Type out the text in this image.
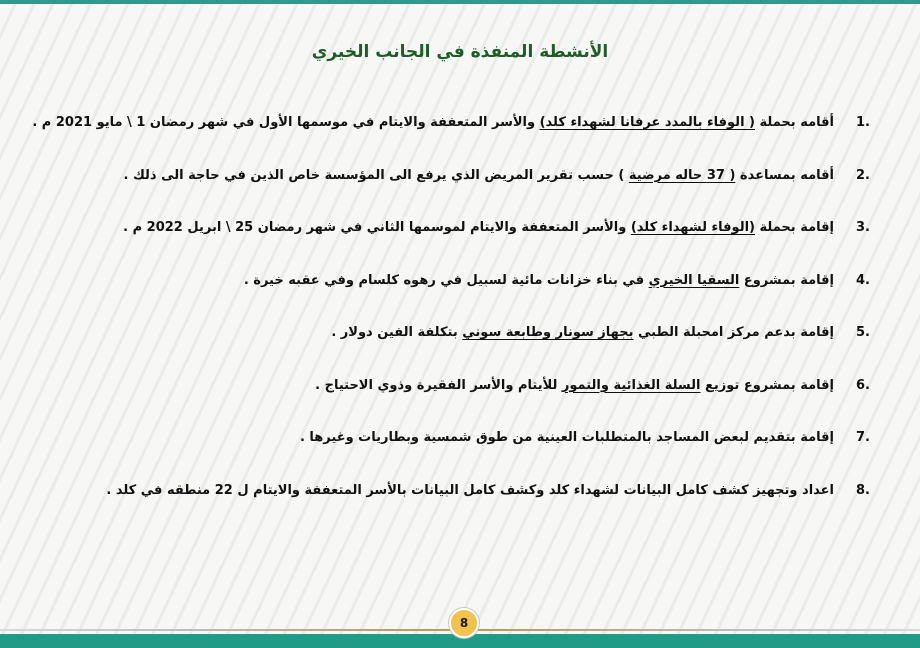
الأنشطة المنفذة في الجانب الخيري
1.
أقامه بحملة ( الوفاء بالمدد عرفانا لشهداء كلد) والأسر المتعففة والايتام في موسمها الأول في شهر رمضان 1 \ مايو 2021 م .
2.
أقامه بمساعدة ( 37 حاله مرضية ) حسب تقرير المريض الذي يرفع الى المؤسسة خاص الذين في حاجة الى ذلك .
3.
إقامة بحملة (الوفاء لشهداء كلد) والأسر المتعففة والايتام لموسمها الثاني في شهر رمضان 25 \ ابريل 2022 م .
4.
إقامة بمشروع السقيا الخيري في بناء خزانات مائية لسبيل في رهوه كلسام وفي عقبه خيرة .
5.
إقامة بدعم مركز امحبلة الطبي بجهاز سونار وطابعة سوني بتكلفة الفين دولار .
6.
إقامة بمشروع توزيع السلة الغذائية والتمور للأيتام والأسر الفقيرة وذوي الاحتياج .
7.
إقامة بتقديم لبعض المساجد بالمتطلبات العينية من طوق شمسية وبطاريات وغيرها .
8.
اعداد وتجهيز كشف كامل البيانات لشهداء كلد وكشف كامل البيانات بالأسر المتعففة والايتام ل 22 منطقه في كلد .
8
